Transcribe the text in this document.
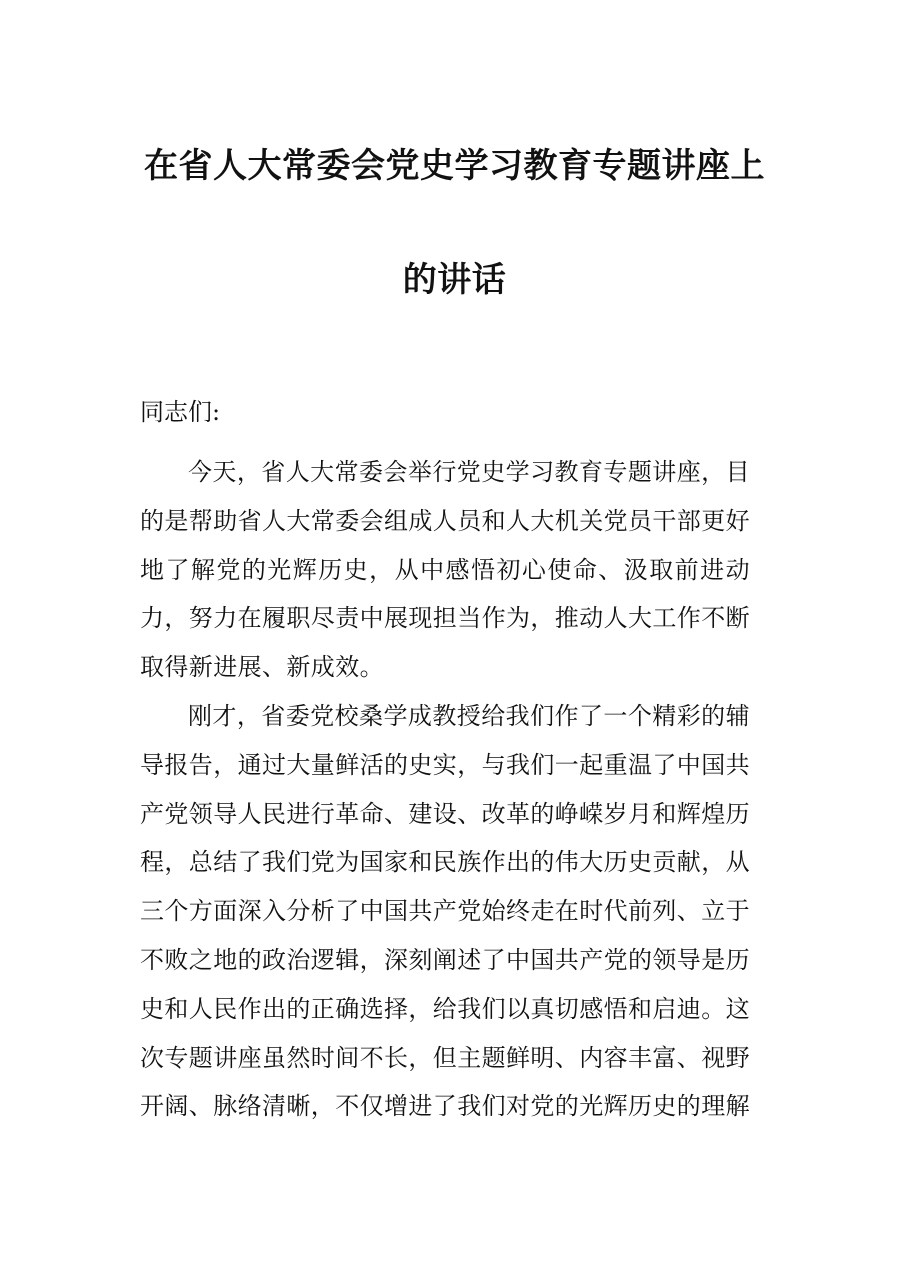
在省人大常委会党史学习教育专题讲座上
的讲话

同志们:

今天，省人大常委会举行党史学习教育专题讲座，目的是帮助省人大常委会组成人员和人大机关党员干部更好地了解党的光辉历史，从中感悟初心使命、汲取前进动力，努力在履职尽责中展现担当作为，推动人大工作不断取得新进展、新成效。

刚才，省委党校桑学成教授给我们作了一个精彩的辅导报告，通过大量鲜活的史实，与我们一起重温了中国共产党领导人民进行革命、建设、改革的峥嵘岁月和辉煌历程，总结了我们党为国家和民族作出的伟大历史贡献，从三个方面深入分析了中国共产党始终走在时代前列、立于不败之地的政治逻辑，深刻阐述了中国共产党的领导是历史和人民作出的正确选择，给我们以真切感悟和启迪。这次专题讲座虽然时间不长，但主题鲜明、内容丰富、视野开阔、脉络清晰，不仅增进了我们对党的光辉历史的理解
